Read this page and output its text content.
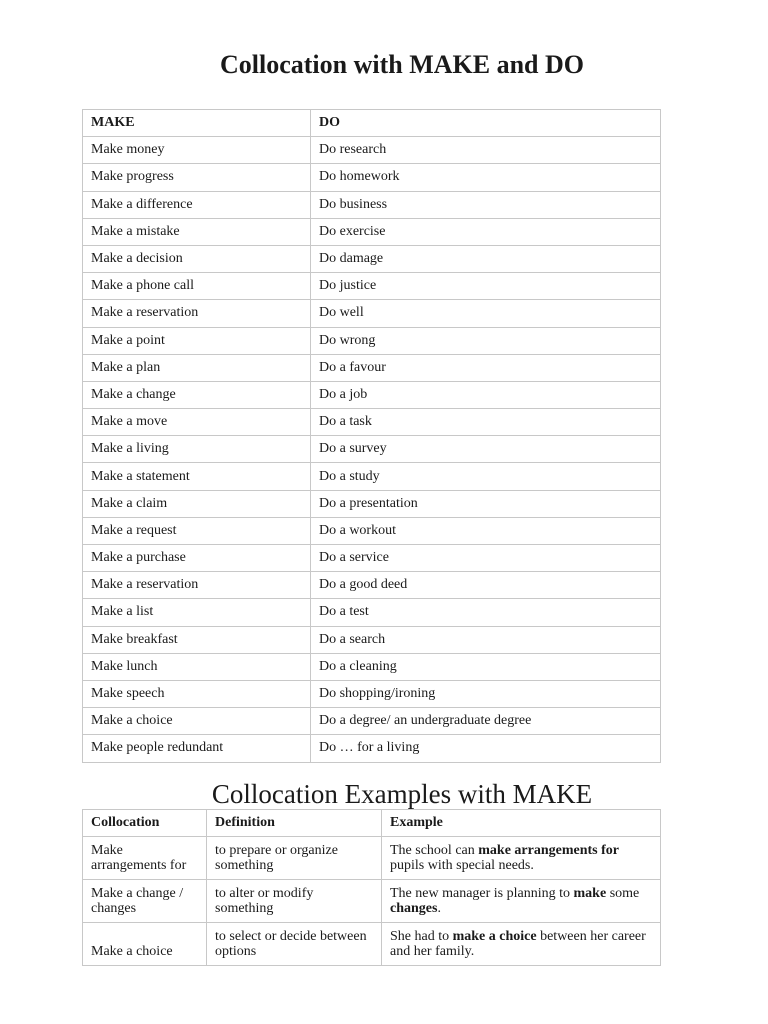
Collocation with MAKE and DO
MAKE	DO
Make money	Do research
Make progress	Do homework
Make a difference	Do business
Make a mistake	Do exercise
Make a decision	Do damage
Make a phone call	Do justice
Make a reservation	Do well
Make a point	Do wrong
Make a plan	Do a favour
Make a change	Do a job
Make a move	Do a task
Make a living	Do a survey
Make a statement	Do a study
Make a claim	Do a presentation
Make a request	Do a workout
Make a purchase	Do a service
Make a reservation	Do a good deed
Make a list	Do a test
Make breakfast	Do a search
Make lunch	Do a cleaning
Make speech	Do shopping/ironing
Make a choice	Do a degree/ an undergraduate degree
Make people redundant	Do … for a living
Collocation Examples with MAKE
Collocation	Definition	Example
Make arrangements for	to prepare or organize something	The school can make arrangements for pupils with special needs.
Make a change / changes	to alter or modify something	The new manager is planning to make some changes.
Make a choice	to select or decide between options	She had to make a choice between her career and her family.
